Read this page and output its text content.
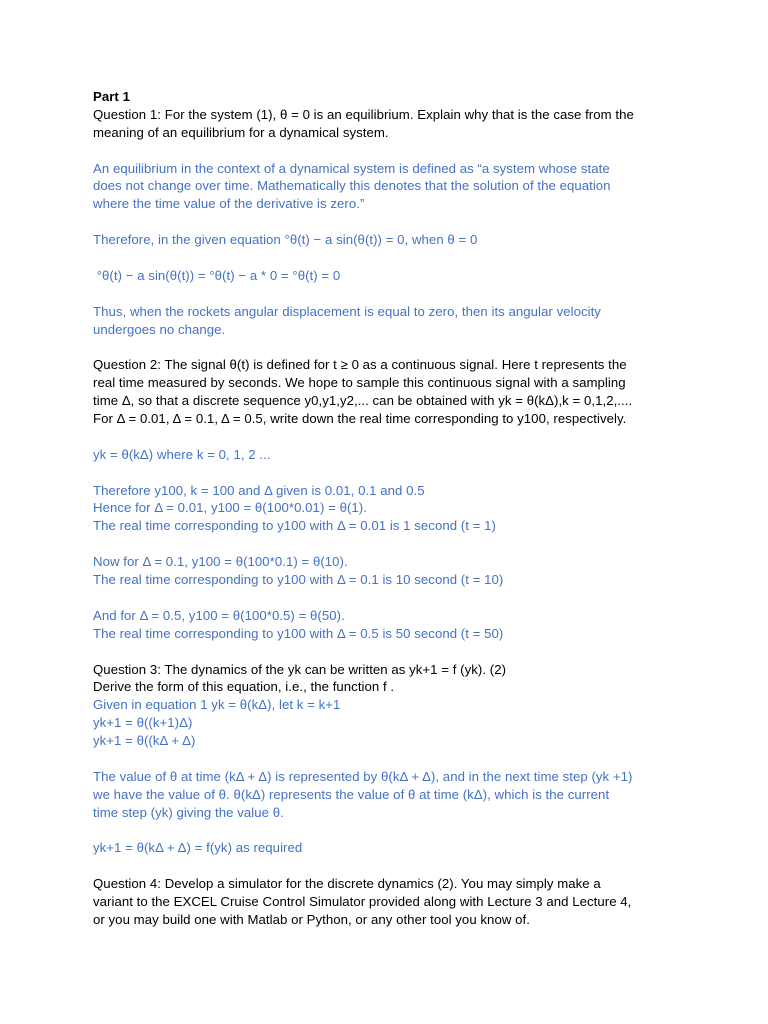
Part 1
Question 1: For the system (1), θ = 0 is an equilibrium. Explain why that is the case from the
meaning of an equilibrium for a dynamical system.
An equilibrium in the context of a dynamical system is defined as “a system whose state
does not change over time. Mathematically this denotes that the solution of the equation
where the time value of the derivative is zero.”
Therefore, in the given equation °θ(t) − a sin(θ(t)) = 0, when θ = 0
°θ(t) − a sin(θ(t)) = °θ(t) − a * 0 = °θ(t) = 0
Thus, when the rockets angular displacement is equal to zero, then its angular velocity
undergoes no change.
Question 2: The signal θ(t) is defined for t ≥ 0 as a continuous signal. Here t represents the
real time measured by seconds. We hope to sample this continuous signal with a sampling
time Δ, so that a discrete sequence y0,y1,y2,... can be obtained with yk = θ(kΔ),k = 0,1,2,....
For Δ = 0.01, Δ = 0.1, Δ = 0.5, write down the real time corresponding to y100, respectively.
yk = θ(kΔ) where k = 0, 1, 2 ...
Therefore y100, k = 100 and Δ given is 0.01, 0.1 and 0.5
Hence for Δ = 0.01, y100 = θ(100*0.01) = θ(1).
The real time corresponding to y100 with Δ = 0.01 is 1 second (t = 1)
Now for Δ = 0.1, y100 = θ(100*0.1) = θ(10).
The real time corresponding to y100 with Δ = 0.1 is 10 second (t = 10)
And for Δ = 0.5, y100 = θ(100*0.5) = θ(50).
The real time corresponding to y100 with Δ = 0.5 is 50 second (t = 50)
Question 3: The dynamics of the yk can be written as yk+1 = f (yk). (2)
Derive the form of this equation, i.e., the function f .
Given in equation 1 yk = θ(kΔ), let k = k+1
yk+1 = θ((k+1)Δ)
yk+1 = θ((kΔ + Δ)
The value of θ at time (kΔ + Δ) is represented by θ(kΔ + Δ), and in the next time step (yk +1)
we have the value of θ. θ(kΔ) represents the value of θ at time (kΔ), which is the current
time step (yk) giving the value θ.
yk+1 = θ(kΔ + Δ) = f(yk) as required
Question 4: Develop a simulator for the discrete dynamics (2). You may simply make a
variant to the EXCEL Cruise Control Simulator provided along with Lecture 3 and Lecture 4,
or you may build one with Matlab or Python, or any other tool you know of.
